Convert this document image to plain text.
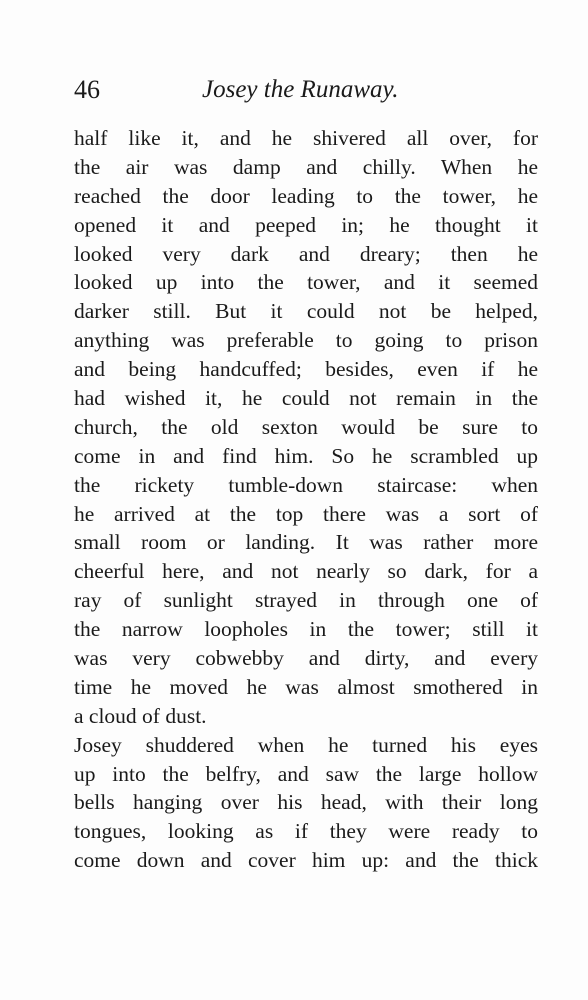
46	Josey the Runaway.
half like it, and he shivered all over, for
the air was damp and chilly. When he
reached the door leading to the tower, he
opened it and peeped in; he thought it
looked very dark and dreary; then he
looked up into the tower, and it seemed
darker still. But it could not be helped,
anything was preferable to going to prison
and being handcuffed; besides, even if he
had wished it, he could not remain in the
church, the old sexton would be sure to
come in and find him. So he scrambled up
the rickety tumble-down staircase: when
he arrived at the top there was a sort of
small room or landing. It was rather more
cheerful here, and not nearly so dark, for a
ray of sunlight strayed in through one of
the narrow loopholes in the tower; still it
was very cobwebby and dirty, and every
time he moved he was almost smothered in
a cloud of dust.
Josey shuddered when he turned his eyes
up into the belfry, and saw the large hollow
bells hanging over his head, with their long
tongues, looking as if they were ready to
come down and cover him up: and the thick
